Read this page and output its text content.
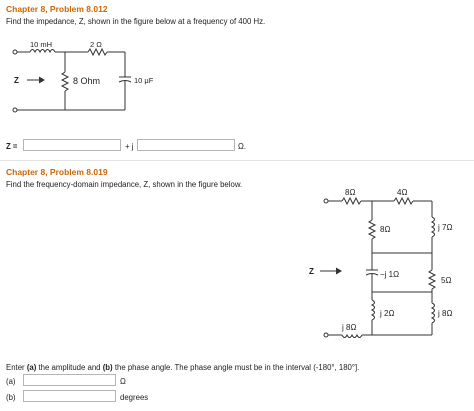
Chapter 8, Problem 8.012
Find the impedance, Z, shown in the figure below at a frequency of 400 Hz.
10 mH	2 Ω
8 Ohm	10 μF
Z
Z =	+ j	Ω.
Chapter 8, Problem 8.019
Find the frequency-domain impedance, Z, shown in the figure below.
8Ω	4Ω
8Ω	j 7Ω
−j 1Ω
5Ω
j 2Ω	j 8Ω
j 8Ω
Z
Enter (a) the amplitude and (b) the phase angle. The phase angle must be in the interval (-180°, 180°].
(a)	Ω
(b)	degrees
